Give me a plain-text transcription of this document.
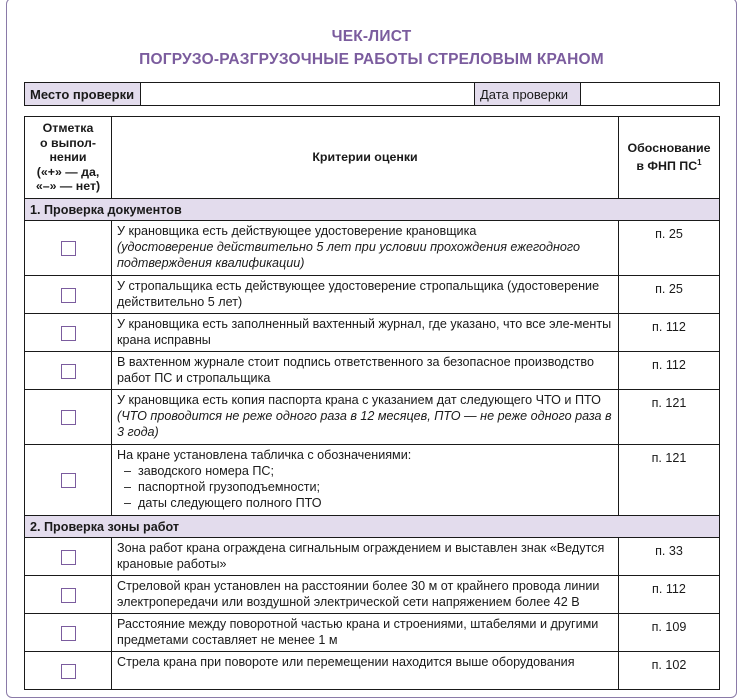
ЧЕК-ЛИСТ
ПОГРУЗО-РАЗГРУЗОЧНЫЕ РАБОТЫ СТРЕЛОВЫМ КРАНОМ
Место проверки		Дата проверки	
Отметка
о выпол-
нении
(«+» — да,
«–» — нет)	Критерии оценки	Обоснование
в ФНП $ПС^1$
1. Проверка документов		
	У крановщика есть действующее удостоверение крановщика
(удостоверение действительно 5 лет при условии прохождения ежегодного подтверждения квалификации)	п. 25
	У стропальщика есть действующее удостоверение стропальщика (удостоверение действительно 5 лет)	п. 25
	У крановщика есть заполненный вахтенный журнал, где указано, что все эле-менты крана исправны	п. 112
	В вахтенном журнале стоит подпись ответственного за безопасное производство работ ПС и стропальщика	п. 112
	У крановщика есть копия паспорта крана с указанием дат следующего ЧТО и ПТО
(ЧТО проводится не реже одного раза в 12 месяцев, ПТО — не реже одного раза в 3 года)	п. 121
	На кране установлена табличка с обозначениями:
–  заводского номера ПС;
–  паспортной грузоподъемности;
–  даты следующего полного ПТО	п. 121
2. Проверка зоны работ		
	Зона работ крана ограждена сигнальным ограждением и выставлен знак «Ведутся крановые работы»	п. 33
	Стреловой кран установлен на расстоянии более 30 м от крайнего провода линии электропередачи или воздушной электрической сети напряжением более 42 В	п. 112
	Расстояние между поворотной частью крана и строениями, штабелями и другими предметами составляет не менее 1 м	п. 109
	Стрела крана при повороте или перемещении находится выше оборудования	п. 102
